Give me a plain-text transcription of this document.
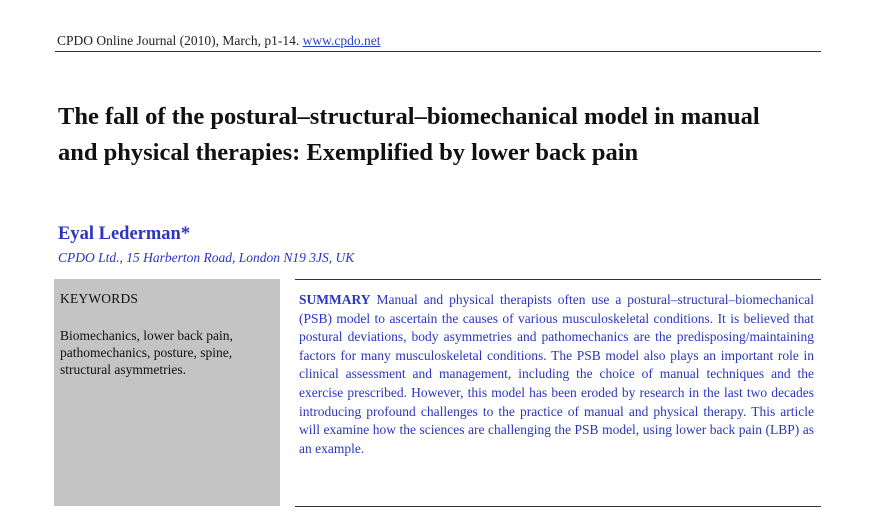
CPDO Online Journal (2010), March, p1-14. www.cpdo.net
The fall of the postural–structural–biomechanical model in manual and physical therapies: Exemplified by lower back pain
Eyal Lederman*
CPDO Ltd., 15 Harberton Road, London N19 3JS, UK
KEYWORDS

Biomechanics, lower back pain, pathomechanics, posture, spine, structural asymmetries.

SUMMARY Manual and physical therapists often use a postural–structural–biomechanical (PSB) model to ascertain the causes of various musculoskeletal conditions. It is believed that postural deviations, body asymmetries and pathomechanics are the predisposing/maintaining factors for many musculoskeletal conditions. The PSB model also plays an important role in clinical assessment and management, including the choice of manual techniques and the exercise prescribed. However, this model has been eroded by research in the last two decades introducing profound challenges to the practice of manual and physical therapy. This article will examine how the sciences are challenging the PSB model, using lower back pain (LBP) as an example.
